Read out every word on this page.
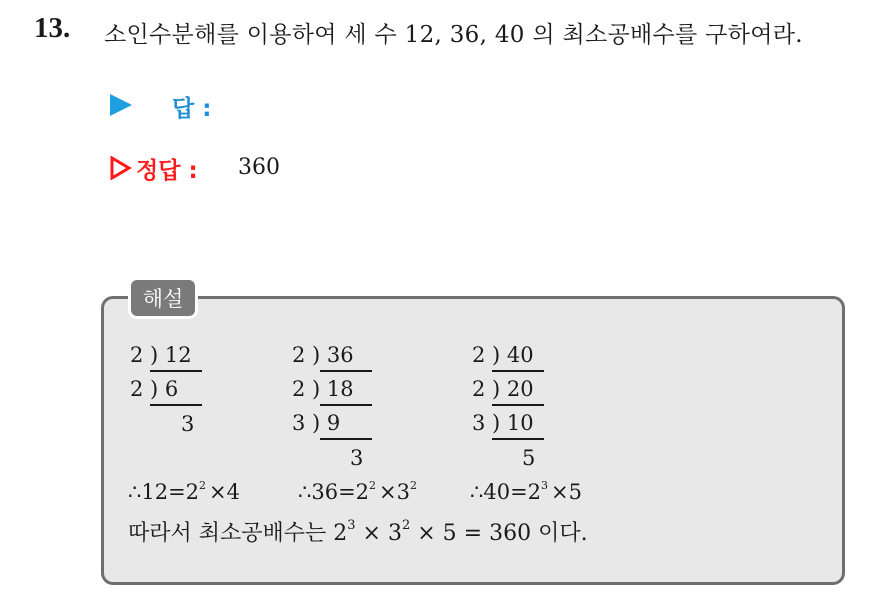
13. 소인수분해를 이용하여 세 수 12, 36, 40 의 최소공배수를 구하여라.
답 :
정답 : 360
해설
2 ) 12
2 ) 6
3
2 ) 36
2 ) 18
3 ) 9
3
2 ) 40
2 ) 20
3 ) 10
5
$\therefore 12=2^2 \times 4$	$\therefore 36=2^2 \times 3^2$	$\therefore 40=2^3 \times 5$
따라서 최소공배수는 $2^3 \times 3^2 \times 5 = 360$ 이다.
